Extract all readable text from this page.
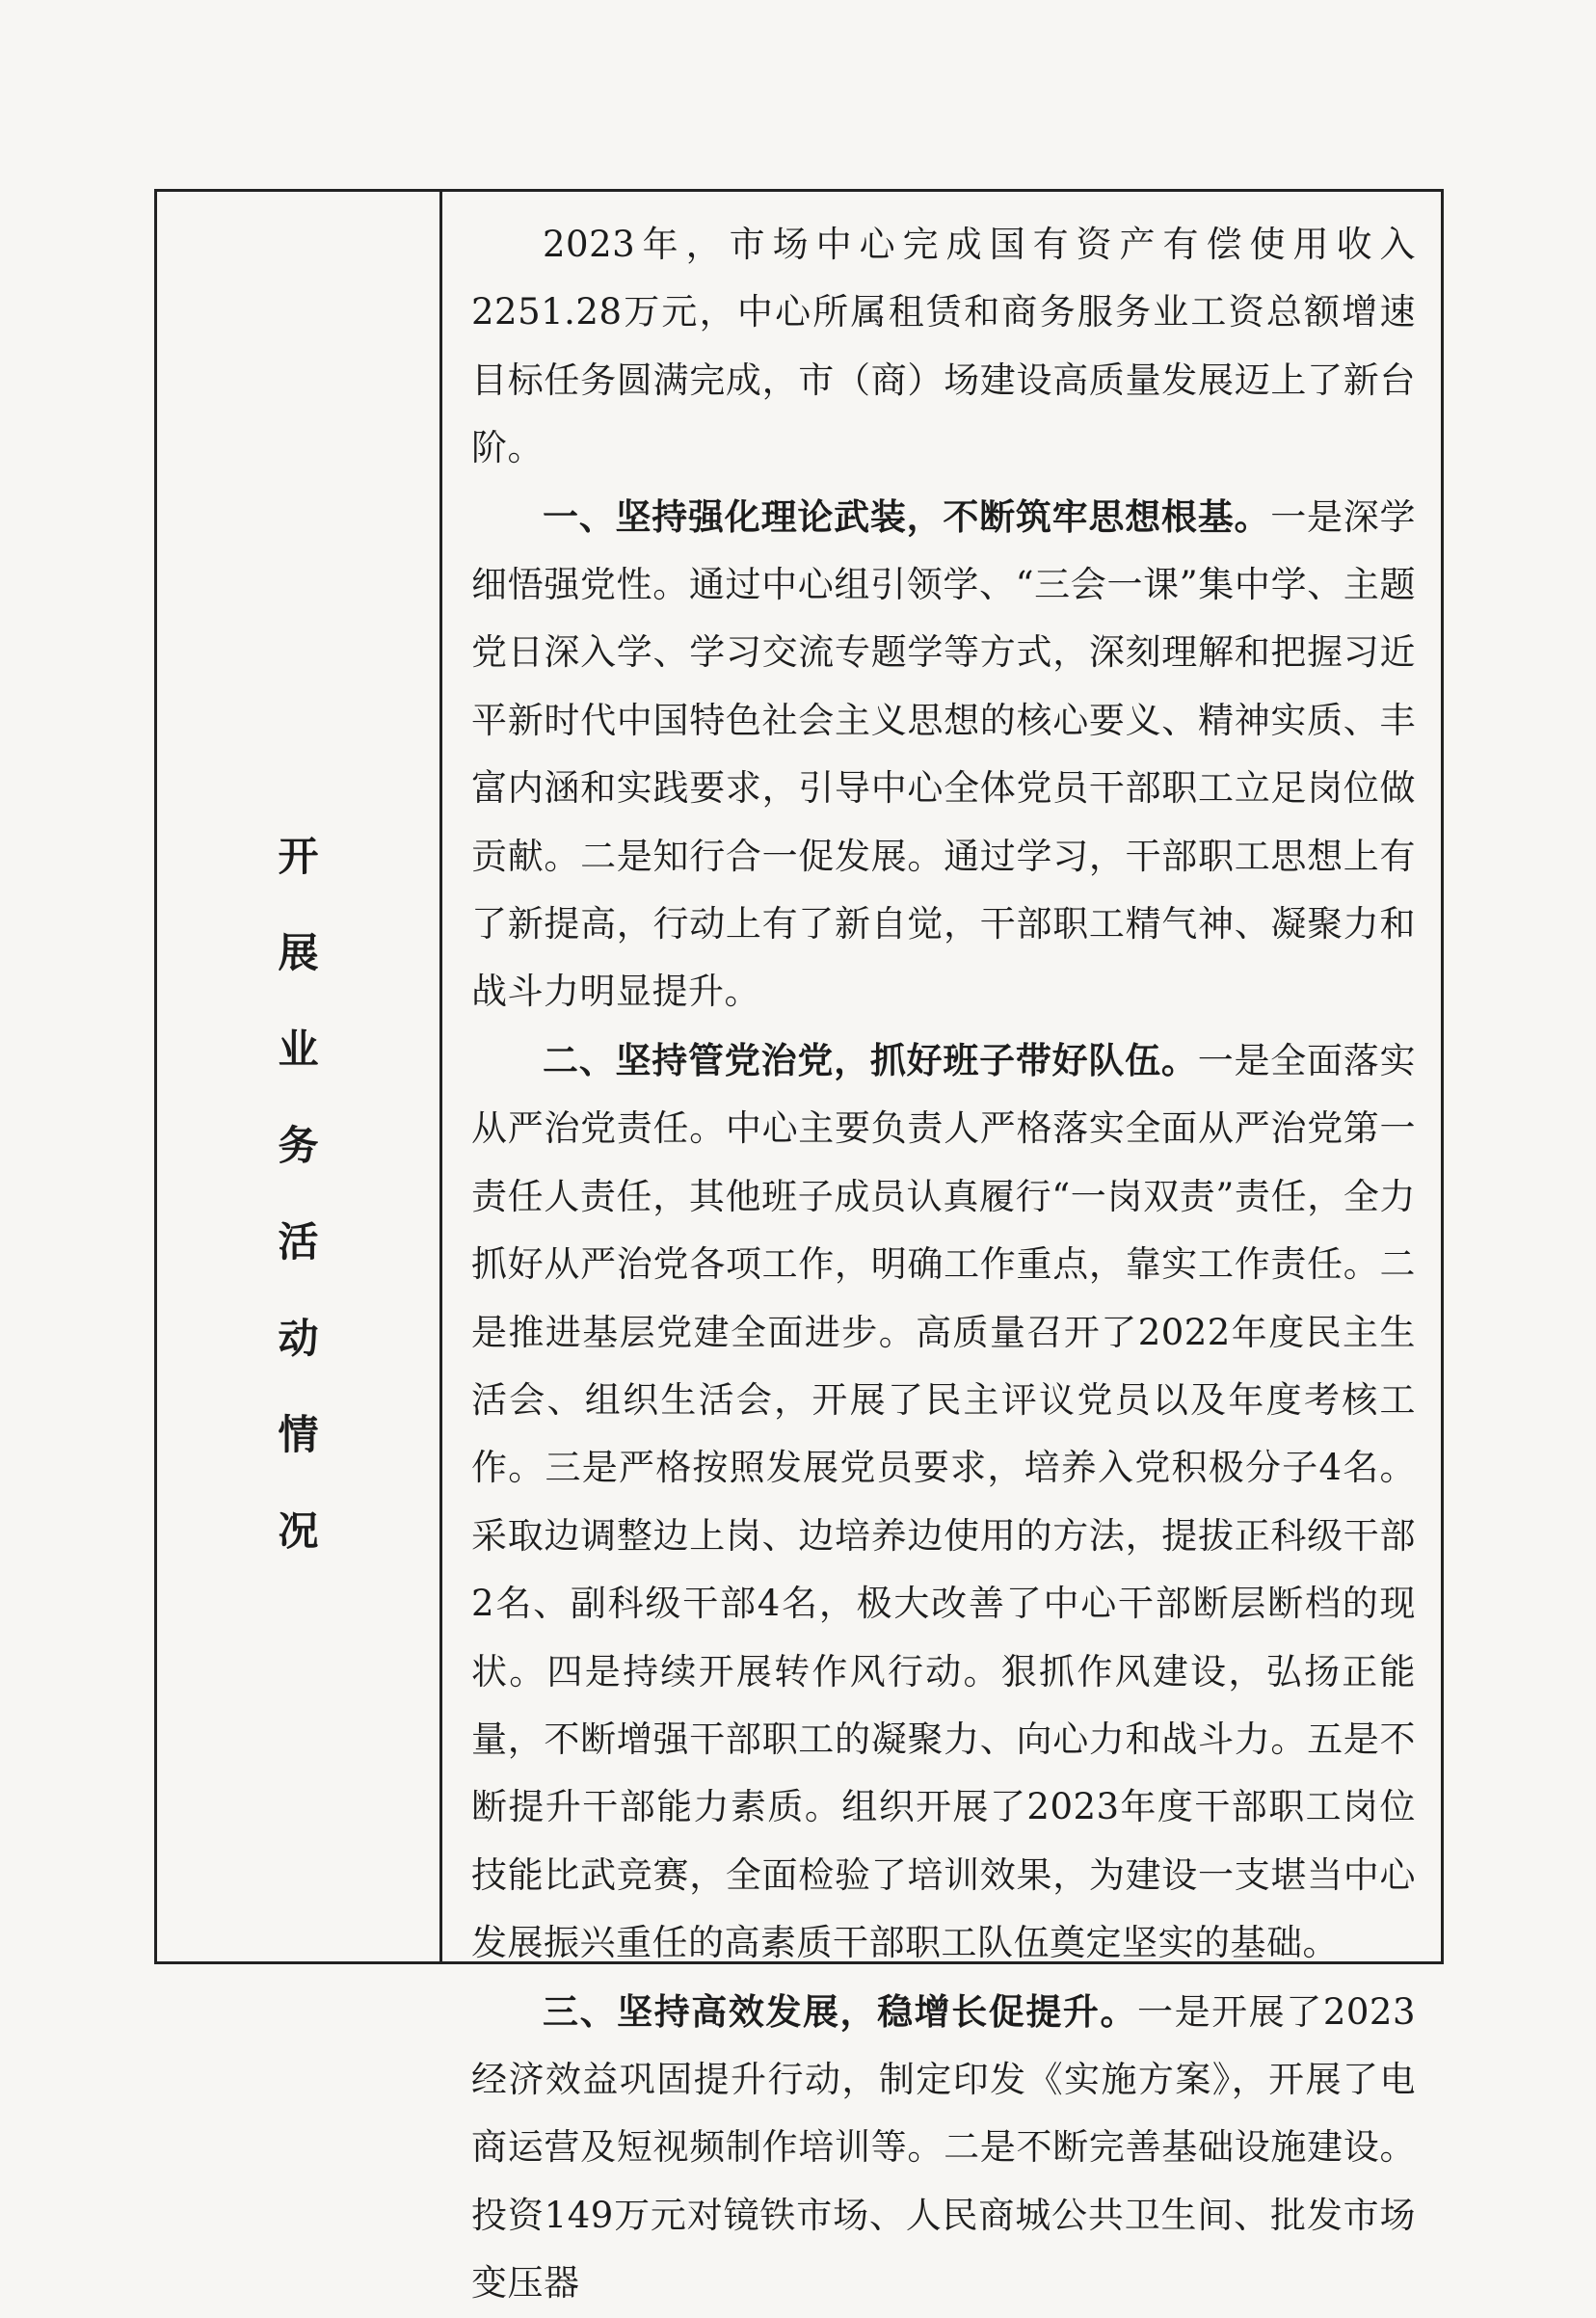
开
展
业
务
活
动
情
况

2023年，市场中心完成国有资产有偿使用收入2251.28万元，中心所属租赁和商务服务业工资总额增速目标任务圆满完成，市（商）场建设高质量发展迈上了新台阶。

一、坚持强化理论武装，不断筑牢思想根基。一是深学细悟强党性。通过中心组引领学、“三会一课”集中学、主题党日深入学、学习交流专题学等方式，深刻理解和把握习近平新时代中国特色社会主义思想的核心要义、精神实质、丰富内涵和实践要求，引导中心全体党员干部职工立足岗位做贡献。二是知行合一促发展。通过学习，干部职工思想上有了新提高，行动上有了新自觉，干部职工精气神、凝聚力和战斗力明显提升。

二、坚持管党治党，抓好班子带好队伍。一是全面落实从严治党责任。中心主要负责人严格落实全面从严治党第一责任人责任，其他班子成员认真履行“一岗双责”责任，全力抓好从严治党各项工作，明确工作重点，靠实工作责任。二是推进基层党建全面进步。高质量召开了2022年度民主生活会、组织生活会，开展了民主评议党员以及年度考核工作。三是严格按照发展党员要求，培养入党积极分子4名。采取边调整边上岗、边培养边使用的方法，提拔正科级干部2名、副科级干部4名，极大改善了中心干部断层断档的现状。四是持续开展转作风行动。狠抓作风建设，弘扬正能量，不断增强干部职工的凝聚力、向心力和战斗力。五是不断提升干部能力素质。组织开展了2023年度干部职工岗位技能比武竞赛，全面检验了培训效果，为建设一支堪当中心发展振兴重任的高素质干部职工队伍奠定坚实的基础。

三、坚持高效发展，稳增长促提升。一是开展了2023经济效益巩固提升行动，制定印发《实施方案》，开展了电商运营及短视频制作培训等。二是不断完善基础设施建设。投资149万元对镜铁市场、人民商城公共卫生间、批发市场变压器
